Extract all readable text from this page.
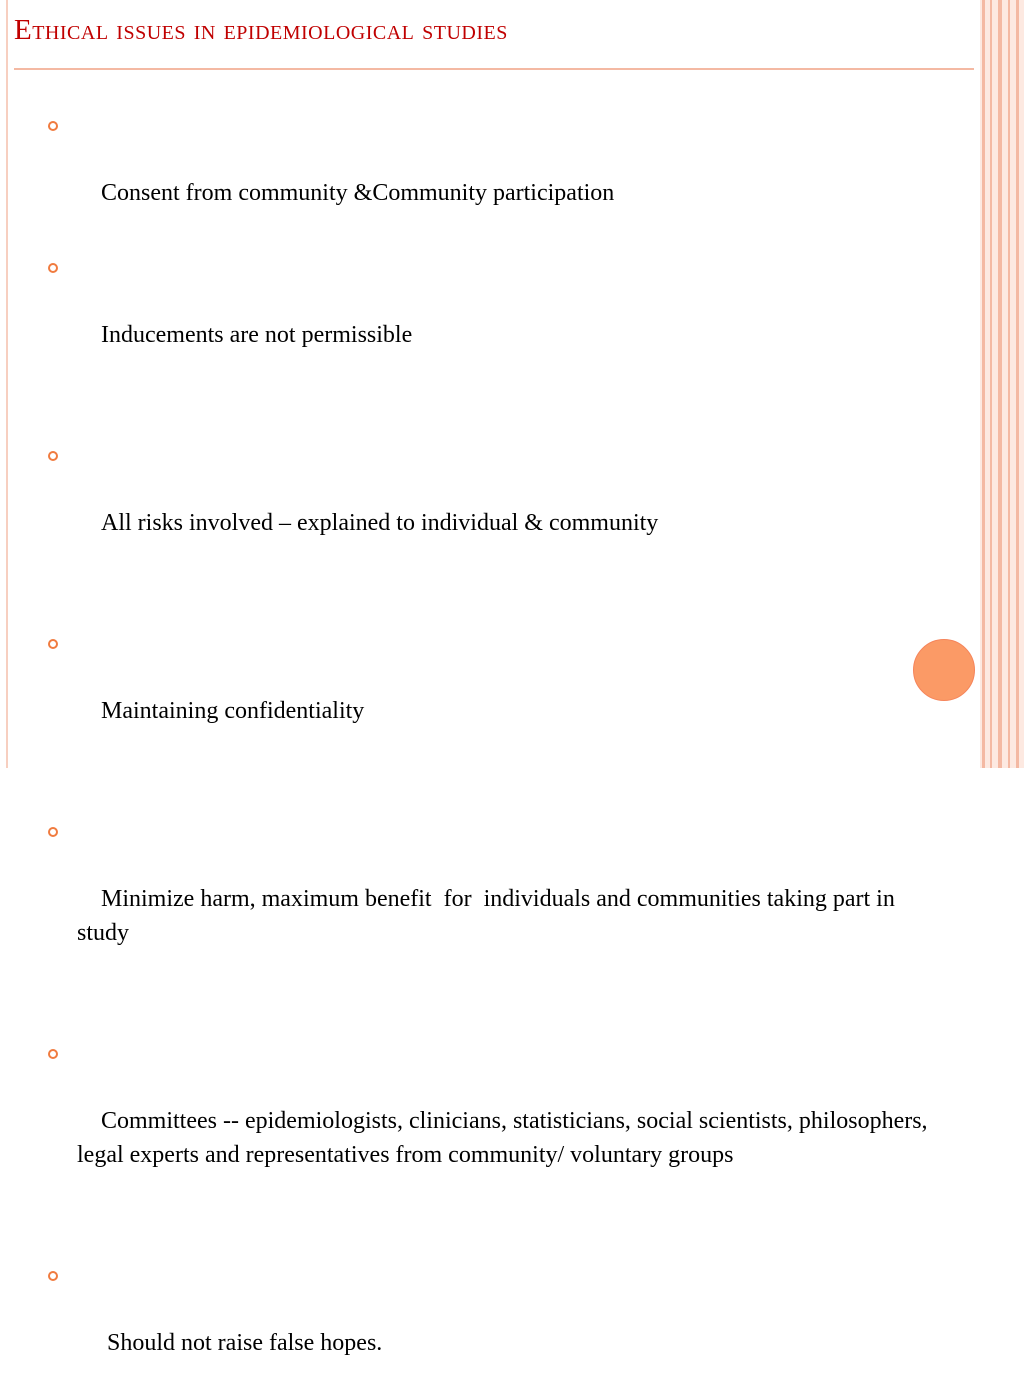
Ethical issues in epidemiological studies

Consent from community &Community participation

Inducements are not permissible

All risks involved – explained to individual & community

Maintaining confidentiality

Minimize harm, maximum benefit  for  individuals and communities taking part in study

Committees -- epidemiologists, clinicians, statisticians, social scientists, philosophers, legal experts and representatives from community/ voluntary groups

Should not raise false hopes.
